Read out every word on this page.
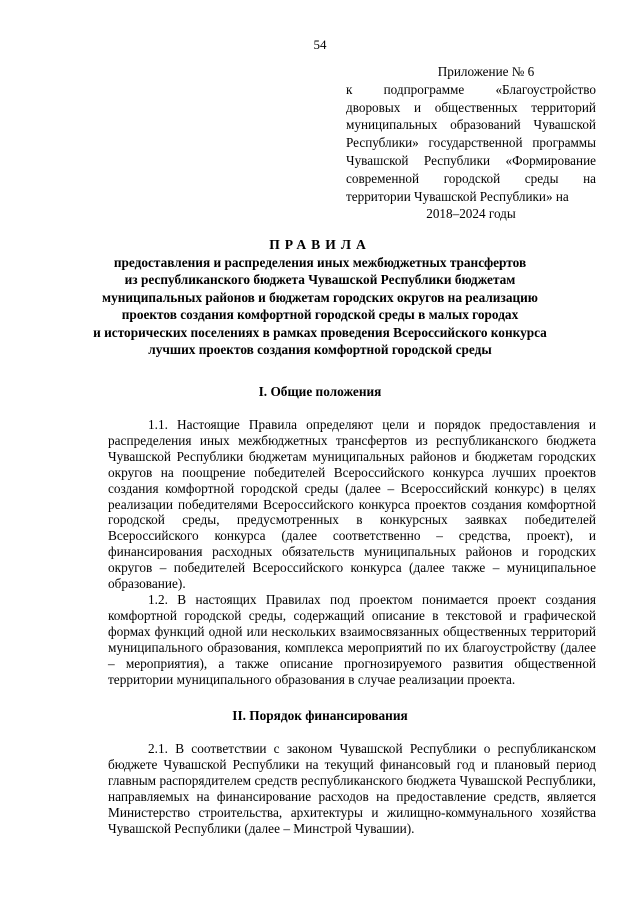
54
Приложение № 6
к подпрограмме «Благоустройство дворовых и общественных территорий муниципальных образований Чувашской Республики» государственной программы Чувашской Республики «Формирование современной городской среды на территории Чувашской Республики» на
2018–2024 годы
ПРАВИЛА
предоставления и распределения иных межбюджетных трансфертов
из республиканского бюджета Чувашской Республики бюджетам
муниципальных районов и бюджетам городских округов на реализацию
проектов создания комфортной городской среды в малых городах
и исторических поселениях в рамках проведения Всероссийского конкурса
лучших проектов создания комфортной городской среды
I. Общие положения

1.1. Настоящие Правила определяют цели и порядок предоставления и распределения иных межбюджетных трансфертов из республиканского бюджета Чувашской Республики бюджетам муниципальных районов и бюджетам городских округов на поощрение победителей Всероссийского конкурса лучших проектов создания комфортной городской среды (далее – Всероссийский конкурс) в целях реализации победителями Всероссийского конкурса проектов создания комфортной городской среды, предусмотренных в конкурсных заявках победителей Всероссийского конкурса (далее соответственно – средства, проект), и финансирования расходных обязательств муниципальных районов и городских округов – победителей Всероссийского конкурса (далее также – муниципальное образование).

1.2. В настоящих Правилах под проектом понимается проект создания комфортной городской среды, содержащий описание в текстовой и графической формах функций одной или нескольких взаимосвязанных общественных территорий муниципального образования, комплекса мероприятий по их благоустройству (далее – мероприятия), а также описание прогнозируемого развития общественной территории муниципального образования в случае реализации проекта.

II. Порядок финансирования

2.1. В соответствии с законом Чувашской Республики о республиканском бюджете Чувашской Республики на текущий финансовый год и плановый период главным распорядителем средств республиканского бюджета Чувашской Республики, направляемых на финансирование расходов на предоставление средств, является Министерство строительства, архитектуры и жилищно-коммунального хозяйства Чувашской Республики (далее – Минстрой Чувашии).
